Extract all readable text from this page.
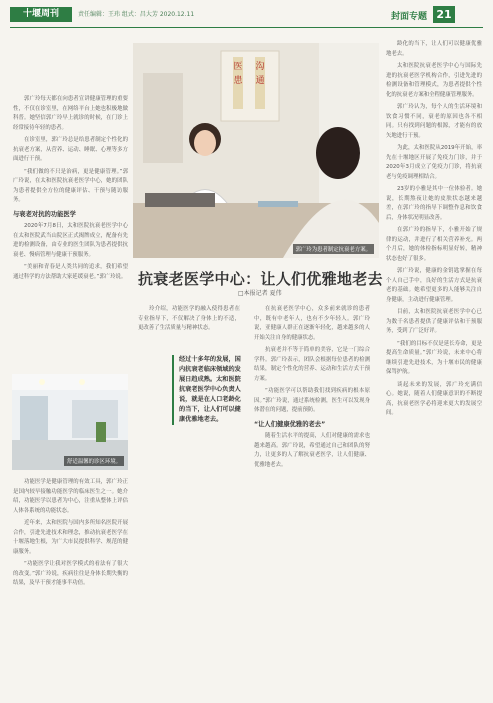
十堰周刊	责任编辑：王玮 组式：昌大芳 2020.12.11	封面专题 21
医
患
沟
通
郭广玲为患者制定抗衰老方案。

郭广玲每天都在向患者宣讲健康管理的重要性，不仅在诊室里，在网络平台上她也积极地做科普。她坚信郭广玲早上就诊的时候，在门诊上经常接待年轻的患者。

在诊室里，郭广玲总是给患者制定个性化的抗衰老方案，从营养、运动、睡眠、心理等多方面进行干预。

“我们做的不只是治病，更是健康管理。”郭广玲说，在太和医院抗衰老医学中心，她的团队为患者提供全方位的健康评估、干预与随访服务。

与衰老对抗的功能医学

2020年7月8日，太和医院抗衰老医学中心在太和医院武当山院区正式揭牌成立，配备有先进的检测设备，由专业的医生团队为患者提供抗衰老、慢病管理与健康干预服务。

“美丽和青春是人类共同的追求，我们希望通过科学的方法帮助大家延缓衰老。”郭广玲说。

舒适温馨的诊区环境。

功能医学是健康管理的有效工具，郭广玲正是国内较早接触功能医学的临床医生之一。她介绍，功能医学以患者为中心，注重从整体上评估人体各系统的功能状态。

近年来，太和医院与国内多所知名医院开展合作，引进先进技术和理念，推动抗衰老医学在十堰落地生根，为广大市民提供科学、规范的健康服务。

“功能医学让我对医学模式的看法有了很大的改变。”郭广玲说，疾病往往是身体长期失衡的结果，及早干预才能事半功倍。

抗衰老医学中心：让人们优雅地老去
□本报记者 夏伟

玲介绍，功能医学的融入使得患者在专业指导下，不仅解决了身体上的不适，更改善了生活质量与精神状态。

经过十多年的发展，国内抗衰老临床领域的发展日趋成熟。太和医院抗衰老医学中心负责人说，就是在人口老龄化的当下，让人们可以健康优雅地老去。

在抗衰老医学中心，众多前来就诊的患者中，既有中老年人，也有不少年轻人。郭广玲说，亚健康人群正在逐渐年轻化，越来越多的人开始关注自身的健康状态。

抗衰老并不等于简单的美容，它是一门综合学科。郭广玲表示，团队会根据每位患者的检测结果，制定个性化的营养、运动和生活方式干预方案。

“功能医学可以帮助我们找到疾病的根本原因。”郭广玲说，通过系统检测，医生可以发现身体潜在的问题，提前预防。

“让人们健康优雅的老去”

随着生活水平的提高，人们对健康的需求也越来越高。郭广玲说，希望通过自己和团队的努力，让更多的人了解抗衰老医学，让人们健康、优雅地老去。

龄化的当下，让人们可以健康优雅地老去。

太和医院抗衰老医学中心与国际先进的抗衰老医学机构合作，引进先进的检测设备和管理模式，为患者提供个性化的抗衰老方案和全程健康管理服务。

郭广玲认为，每个人的生活环境和饮食习惯不同，衰老的原因也各不相同。只有找到问题的根源，才能有的放矢地进行干预。

为此，太和医院从2019年开始，率先在十堰地区开展了免疫力门诊，并于2020年3月成立了免疫力门诊，将抗衰老与免疫调理相结合。

23岁的小雅是其中一位体验者。她说，长期熬夜让她的皮肤状态越来越差，在郭广玲的指导下调整作息和饮食后，身体状况明显改善。

在郭广玲的指导下，小雅开始了规律的运动，并进行了相关营养补充。两个月后，她的体检指标明显好转，精神状态也好了很多。

郭广玲说，健康的金钥匙掌握在每个人自己手中，良好的生活方式是抗衰老的基础。她希望更多的人能够关注自身健康，主动进行健康管理。

目前，太和医院抗衰老医学中心已为数千名患者提供了健康评估和干预服务，受到了广泛好评。

“我们的目标不仅是延长寿命，更是提高生命质量。”郭广玲说，未来中心将继续引进先进技术，为十堰市民的健康保驾护航。

谈起未来的发展，郭广玲充满信心。她说，随着人们健康意识的不断提高，抗衰老医学必将迎来更大的发展空间。
